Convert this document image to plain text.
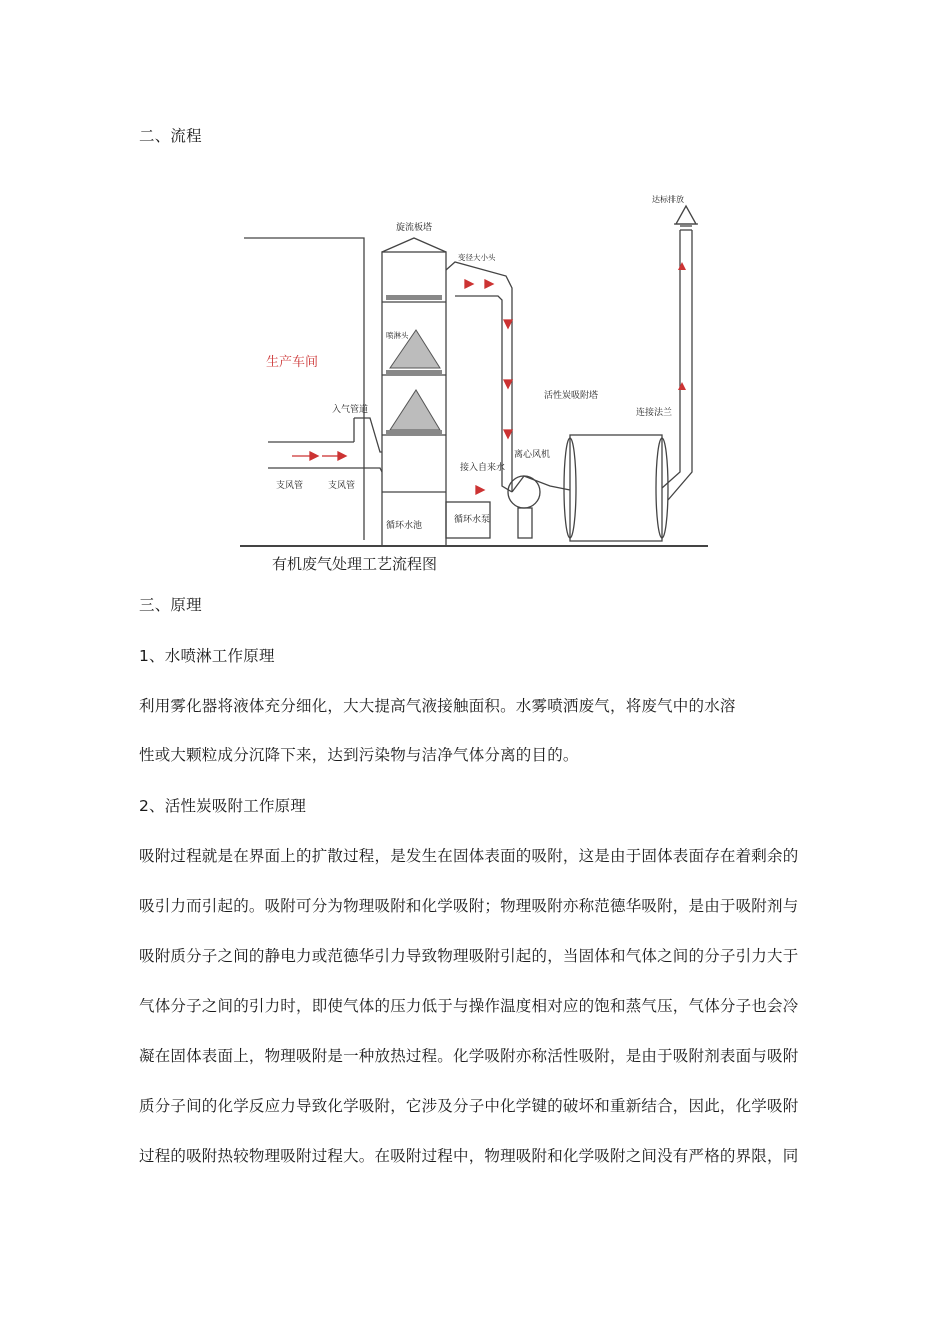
二、流程
旋流板塔
变径大小头
喷淋头
入气管道
支风管	支风管
接入自来水
离心风机
活性炭吸附塔
连接法兰
达标排放
循环水池
循环水泵
生产车间
有机废气处理工艺流程图
三、原理
1、水喷淋工作原理
利用雾化器将液体充分细化，大大提高气液接触面积。水雾喷洒废气，将废气中的水溶
性或大颗粒成分沉降下来，达到污染物与洁净气体分离的目的。
2、活性炭吸附工作原理
吸附过程就是在界面上的扩散过程，是发生在固体表面的吸附，这是由于固体表面存在着剩余的
吸引力而引起的。吸附可分为物理吸附和化学吸附；物理吸附亦称范德华吸附，是由于吸附剂与
吸附质分子之间的静电力或范德华引力导致物理吸附引起的，当固体和气体之间的分子引力大于
气体分子之间的引力时，即使气体的压力低于与操作温度相对应的饱和蒸气压，气体分子也会冷
凝在固体表面上，物理吸附是一种放热过程。化学吸附亦称活性吸附，是由于吸附剂表面与吸附
质分子间的化学反应力导致化学吸附，它涉及分子中化学键的破坏和重新结合，因此，化学吸附
过程的吸附热较物理吸附过程大。在吸附过程中，物理吸附和化学吸附之间没有严格的界限，同
